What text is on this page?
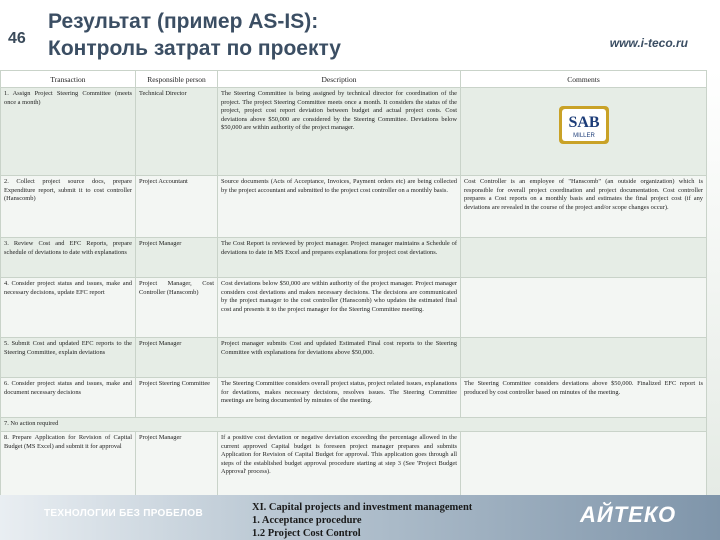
46
Результат (пример AS-IS):
Контроль затрат по проекту	www.i-teco.ru
Transaction	Responsible person	Description	Comments
1. Assign Project Steering Committee (meets once a month)	Technical Director	The Steering Committee is being assigned by technical director for coordination of the project. The project Steering Committee meets once a month. It considers the status of the project, project cost report deviation between budget and actual project costs. Cost deviations above $50,000 are considered by the Steering Committee. Deviations below $50,000 are within authority of the project manager.	SAB
MILLER

2. Collect project source docs, prepare Expenditure report, submit it to cost controller (Hanscomb)	Project Accountant	Source documents (Acts of Acceptance, Invoices, Payment orders etc) are being collected by the project accountant and submitted to the project cost controller on a monthly basis.	Cost Controller is an employee of "Hanscomb" (an outside organization) which is responsible for overall project coordination and project documentation. Cost controller prepares a Cost reports on a monthly basis and estimates the final project cost (if any deviations are revealed in the course of the project and/or scope changes occur).
3. Review Cost and EFC Reports, prepare schedule of deviations to date with explanations	Project Manager	The Cost Report is reviewed by project manager. Project manager maintains a Schedule of deviations to date in MS Excel and prepares explanations for project cost deviations.	
4. Consider project status and issues, make and necessary decisions, update EFC report	Project Manager, Cost Controller (Hanscomb)	Cost deviations below $50,000 are within authority of the project manager. Project manager considers cost deviations and makes necessary decisions. The decisions are communicated by the project manager to the cost controller (Hanscomb) who updates the estimated final cost and presents it to the project manager for the Steering Committee meeting.	
5. Submit Cost and updated EFC reports to the Steering Committee, explain deviations	Project Manager	Project manager submits Cost and updated Estimated Final cost reports to the Steering Committee with explanations for deviations above $50,000.	
6. Consider project status and issues, make and document necessary decisions	Project Steering Committee	The Steering Committee considers overall project status, project related issues, explanations for deviations, makes necessary decisions, resolves issues. The Steering Committee meetings are being documented by minutes of the meeting.	The Steering Committee considers deviations above $50,000. Finalized EFC report is produced by cost controller based on minutes of the meeting.
7. No action required			
8. Prepare Application for Revision of Capital Budget (MS Excel) and submit it for approval	Project Manager	If a positive cost deviation or negative deviation exceeding the percentage allowed in the current approved Capital budget is foreseen project manager prepares and submits Application for Revision of Capital Budget for approval. This application goes through all steps of the established budget approval procedure starting at step 3 (See 'Project Budget Approval' process).	
ТЕХНОЛОГИИ БЕЗ ПРОБЕЛОВ
XI. Capital projects and investment management
1. Acceptance procedure
1.2 Project Cost Control
АЙТЕКО
